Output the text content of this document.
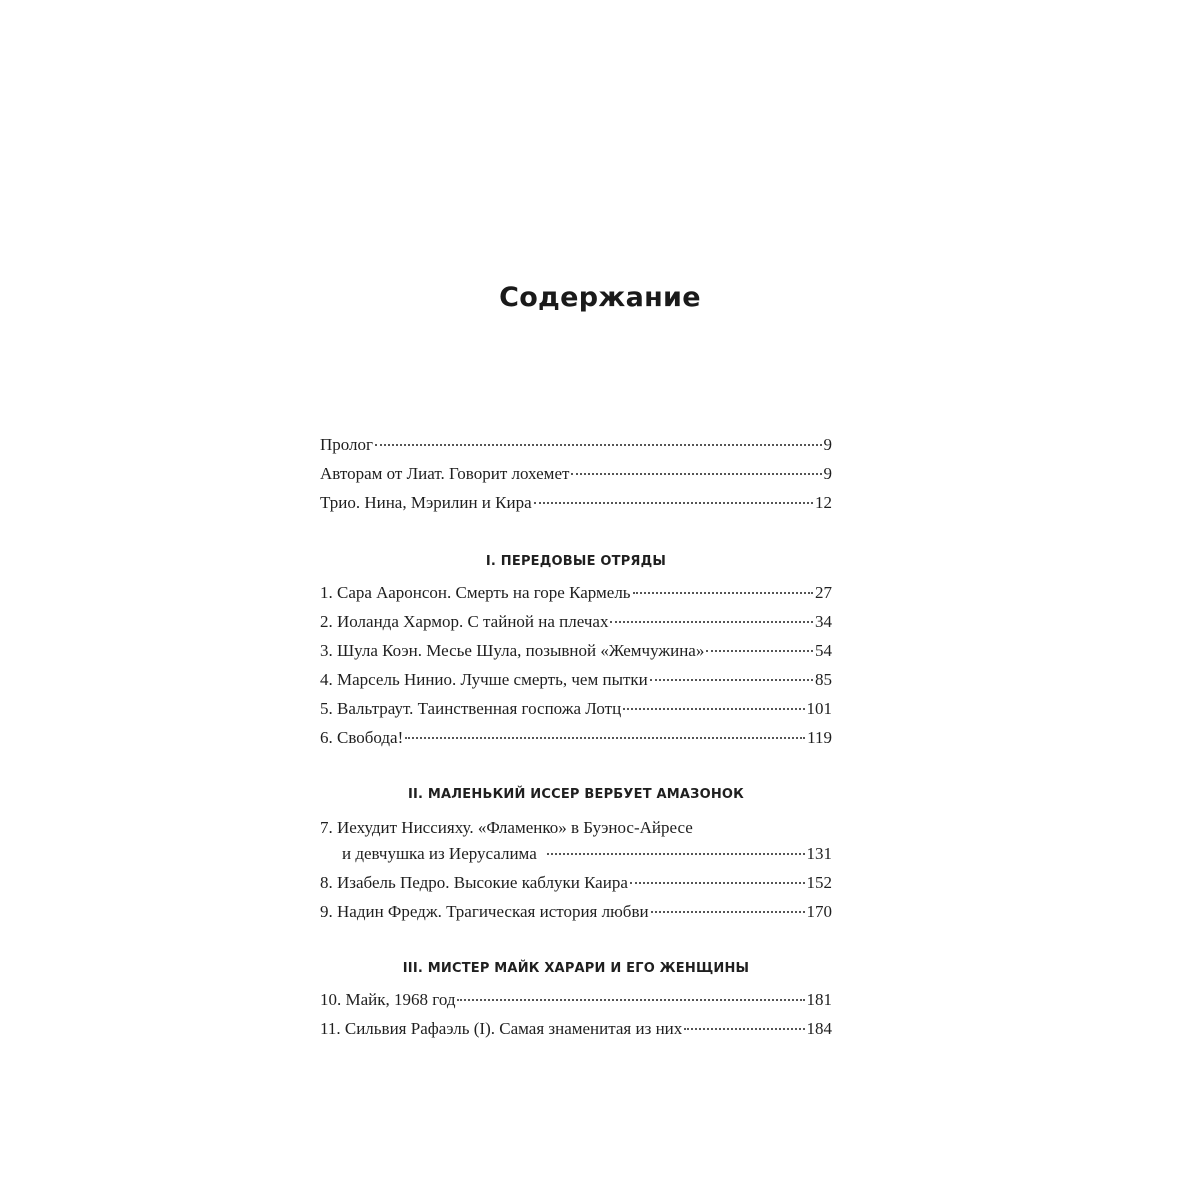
Содержание
Пролог	9
Авторам от Лиат. Говорит лохемет	9
Трио. Нина, Мэрилин и Кира	12
I. ПЕРЕДОВЫЕ ОТРЯДЫ
1. Сара Ааронсон. Смерть на горе Кармель	27
2. Иоланда Хармор. С тайной на плечах	34
3. Шула Коэн. Месье Шула, позывной «Жемчужина»	54
4. Марсель Нинио. Лучше смерть, чем пытки	85
5. Вальтраут. Таинственная госпожа Лотц	101
6. Свобода!	119
II. МАЛЕНЬКИЙ ИССЕР ВЕРБУЕТ АМАЗОНОК
7. Иехудит Ниссияху. «Фламенко» в Буэнос-Айресе
и девчушка из Иерусалима	131
8. Изабель Педро. Высокие каблуки Каира	152
9. Надин Фредж. Трагическая история любви	170
III. МИСТЕР МАЙК ХАРАРИ И ЕГО ЖЕНЩИНЫ
10. Майк, 1968 год	181
11. Сильвия Рафаэль (I). Самая знаменитая из них	184
